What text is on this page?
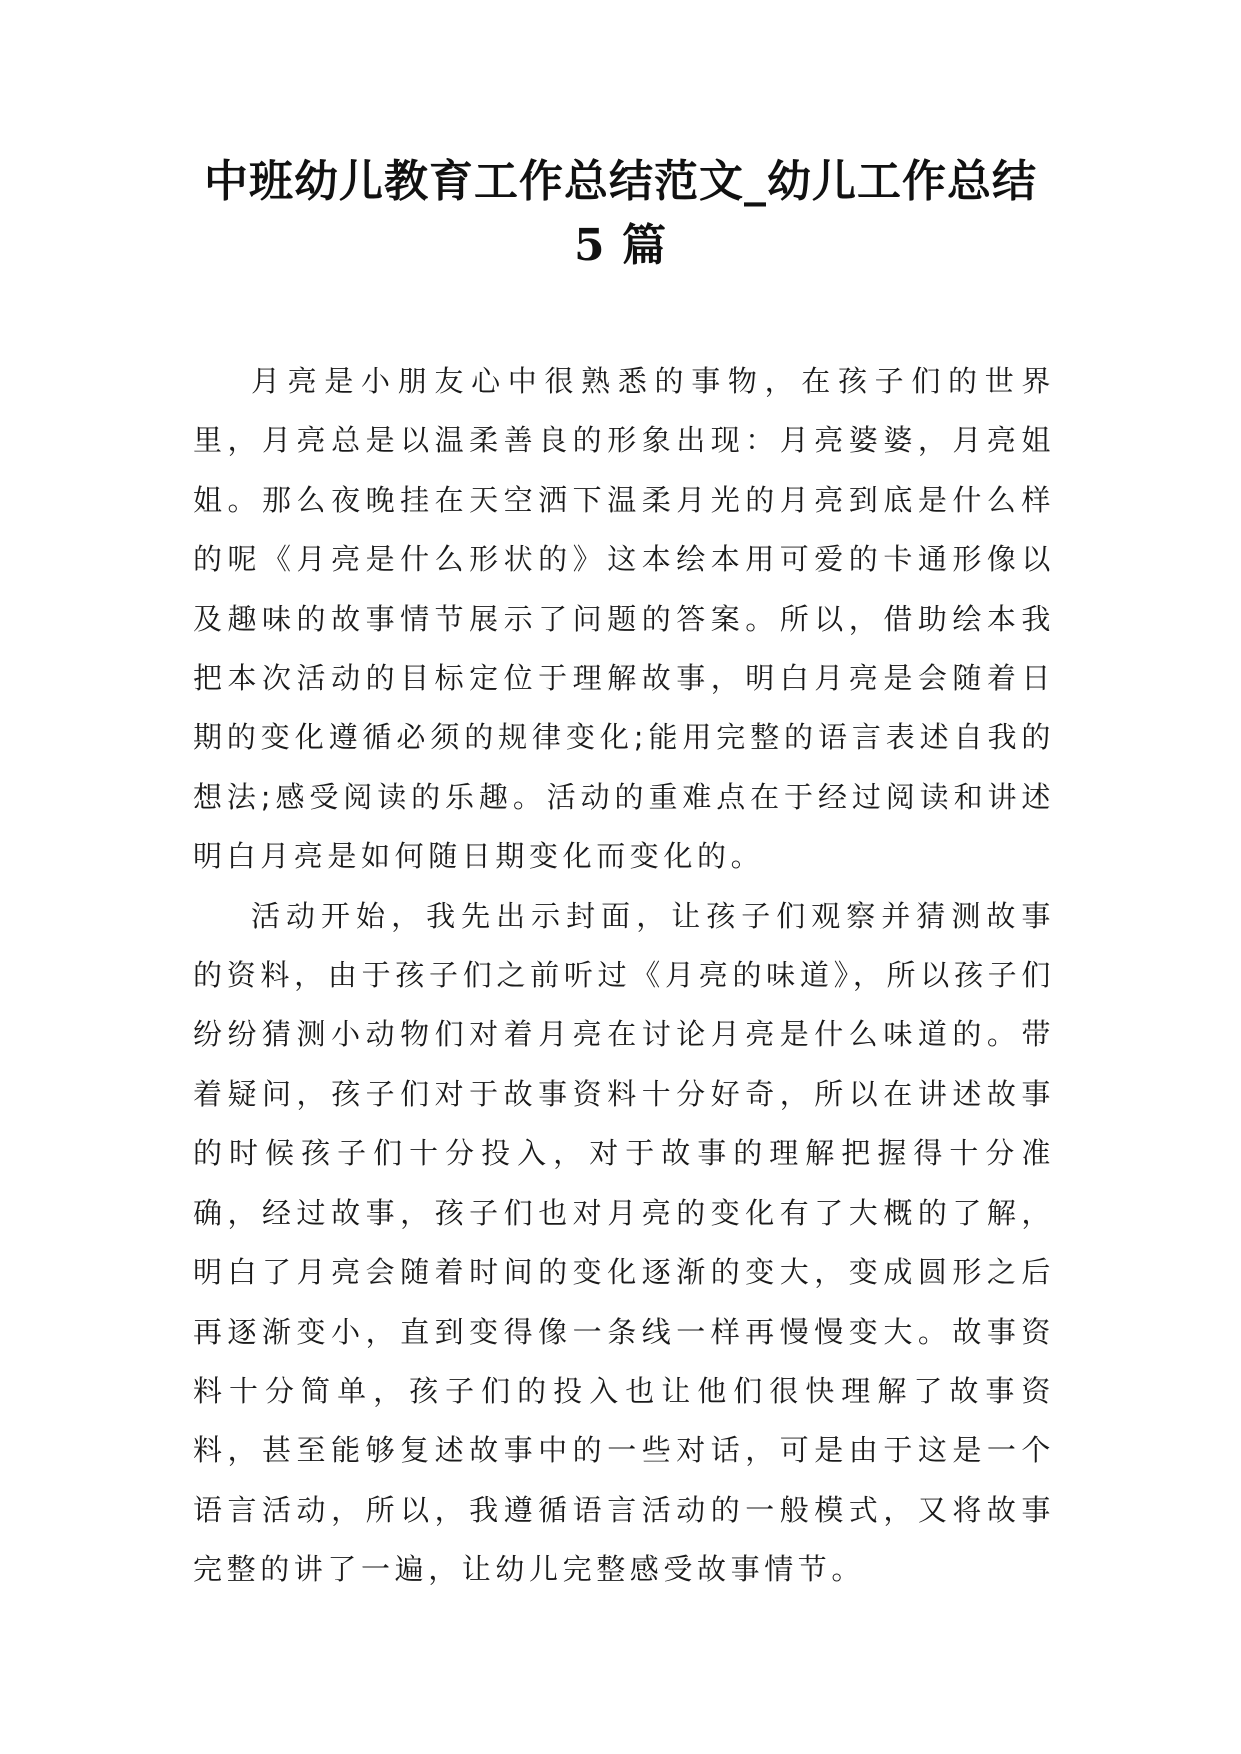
中班幼儿教育工作总结范文_幼儿工作总结
5 篇

月亮是小朋友心中很熟悉的事物，在孩子们的世界里，月亮总是以温柔善良的形象出现：月亮婆婆，月亮姐姐。那么夜晚挂在天空洒下温柔月光的月亮到底是什么样的呢《月亮是什么形状的》这本绘本用可爱的卡通形像以及趣味的故事情节展示了问题的答案。所以，借助绘本我把本次活动的目标定位于理解故事，明白月亮是会随着日期的变化遵循必须的规律变化;能用完整的语言表述自我的想法;感受阅读的乐趣。活动的重难点在于经过阅读和讲述明白月亮是如何随日期变化而变化的。

活动开始，我先出示封面，让孩子们观察并猜测故事的资料，由于孩子们之前听过《月亮的味道》，所以孩子们纷纷猜测小动物们对着月亮在讨论月亮是什么味道的。带着疑问，孩子们对于故事资料十分好奇，所以在讲述故事的时候孩子们十分投入，对于故事的理解把握得十分准确，经过故事，孩子们也对月亮的变化有了大概的了解，明白了月亮会随着时间的变化逐渐的变大，变成圆形之后再逐渐变小，直到变得像一条线一样再慢慢变大。故事资料十分简单，孩子们的投入也让他们很快理解了故事资料，甚至能够复述故事中的一些对话，可是由于这是一个语言活动，所以，我遵循语言活动的一般模式，又将故事完整的讲了一遍，让幼儿完整感受故事情节。
